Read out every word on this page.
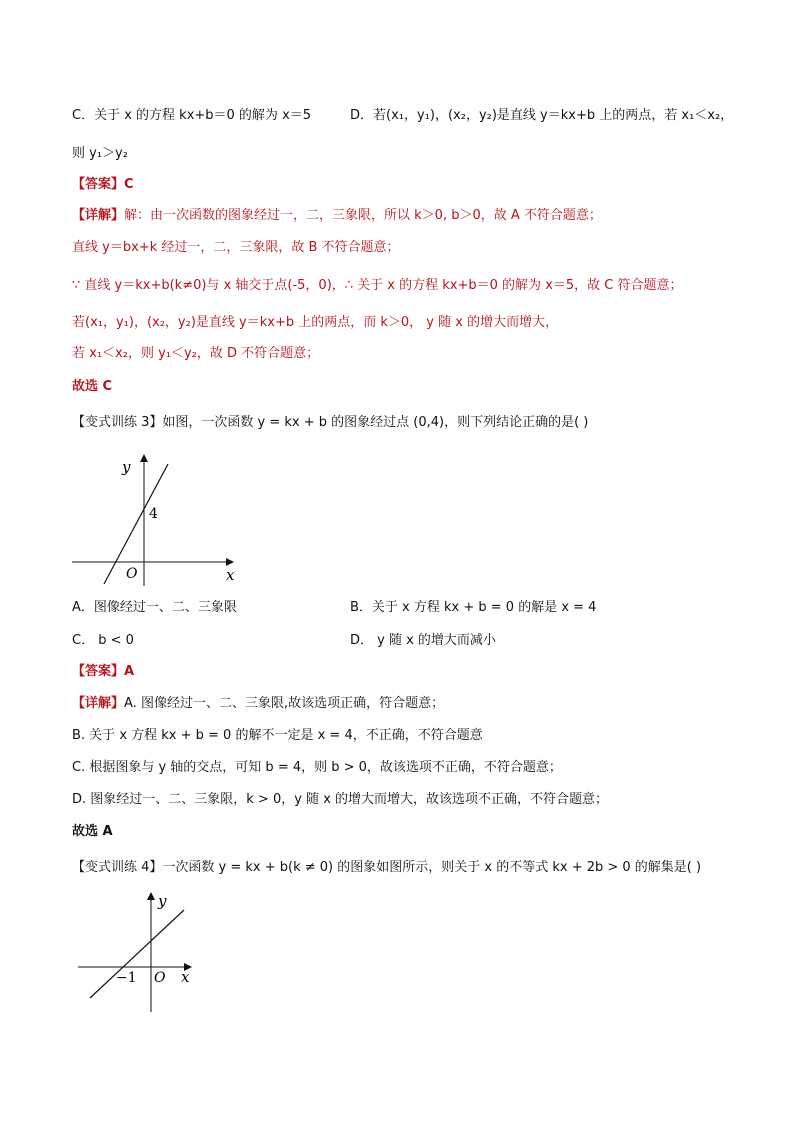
C．关于 x 的方程 kx+b＝0 的解为 x＝5	D．若(x₁，y₁)，(x₂，y₂)是直线 y＝kx+b 上的两点，若 x₁＜x₂，
则 y₁＞y₂
【答案】C
【详解】解：由一次函数的图象经过一，二，三象限，所以 k＞0, b＞0，故 A 不符合题意；
直线 y＝bx+k 经过一，二，三象限，故 B 不符合题意；
∵ 直线 y＝kx+b(k≠0)与 x 轴交于点(-5，0)，∴ 关于 x 的方程 kx+b＝0 的解为 x＝5，故 C 符合题意；
若(x₁，y₁)，(x₂，y₂)是直线 y＝kx+b 上的两点，而 k＞0， y 随 x 的增大而增大，
若 x₁＜x₂，则 y₁＜y₂，故 D 不符合题意；
故选 C
【变式训练 3】如图，一次函数 y = kx + b 的图象经过点 (0,4)，则下列结论正确的是( )
y
4
O	x
A．图像经过一、二、三象限	B．关于 x 方程 kx + b = 0 的解是 x = 4
C． b < 0	D． y 随 x 的增大而减小
【答案】A
【详解】A. 图像经过一、二、三象限,故该选项正确，符合题意；
B. 关于 x 方程 kx + b = 0 的解不一定是 x = 4，不正确，不符合题意
C. 根据图象与 y 轴的交点，可知 b = 4，则 b > 0，故该选项不正确，不符合题意；
D. 图象经过一、二、三象限，k > 0，y 随 x 的增大而增大，故该选项不正确，不符合题意；
故选 A
【变式训练 4】一次函数 y = kx + b(k ≠ 0) 的图象如图所示，则关于 x 的不等式 kx + 2b > 0 的解集是( )
y
−1 O x
